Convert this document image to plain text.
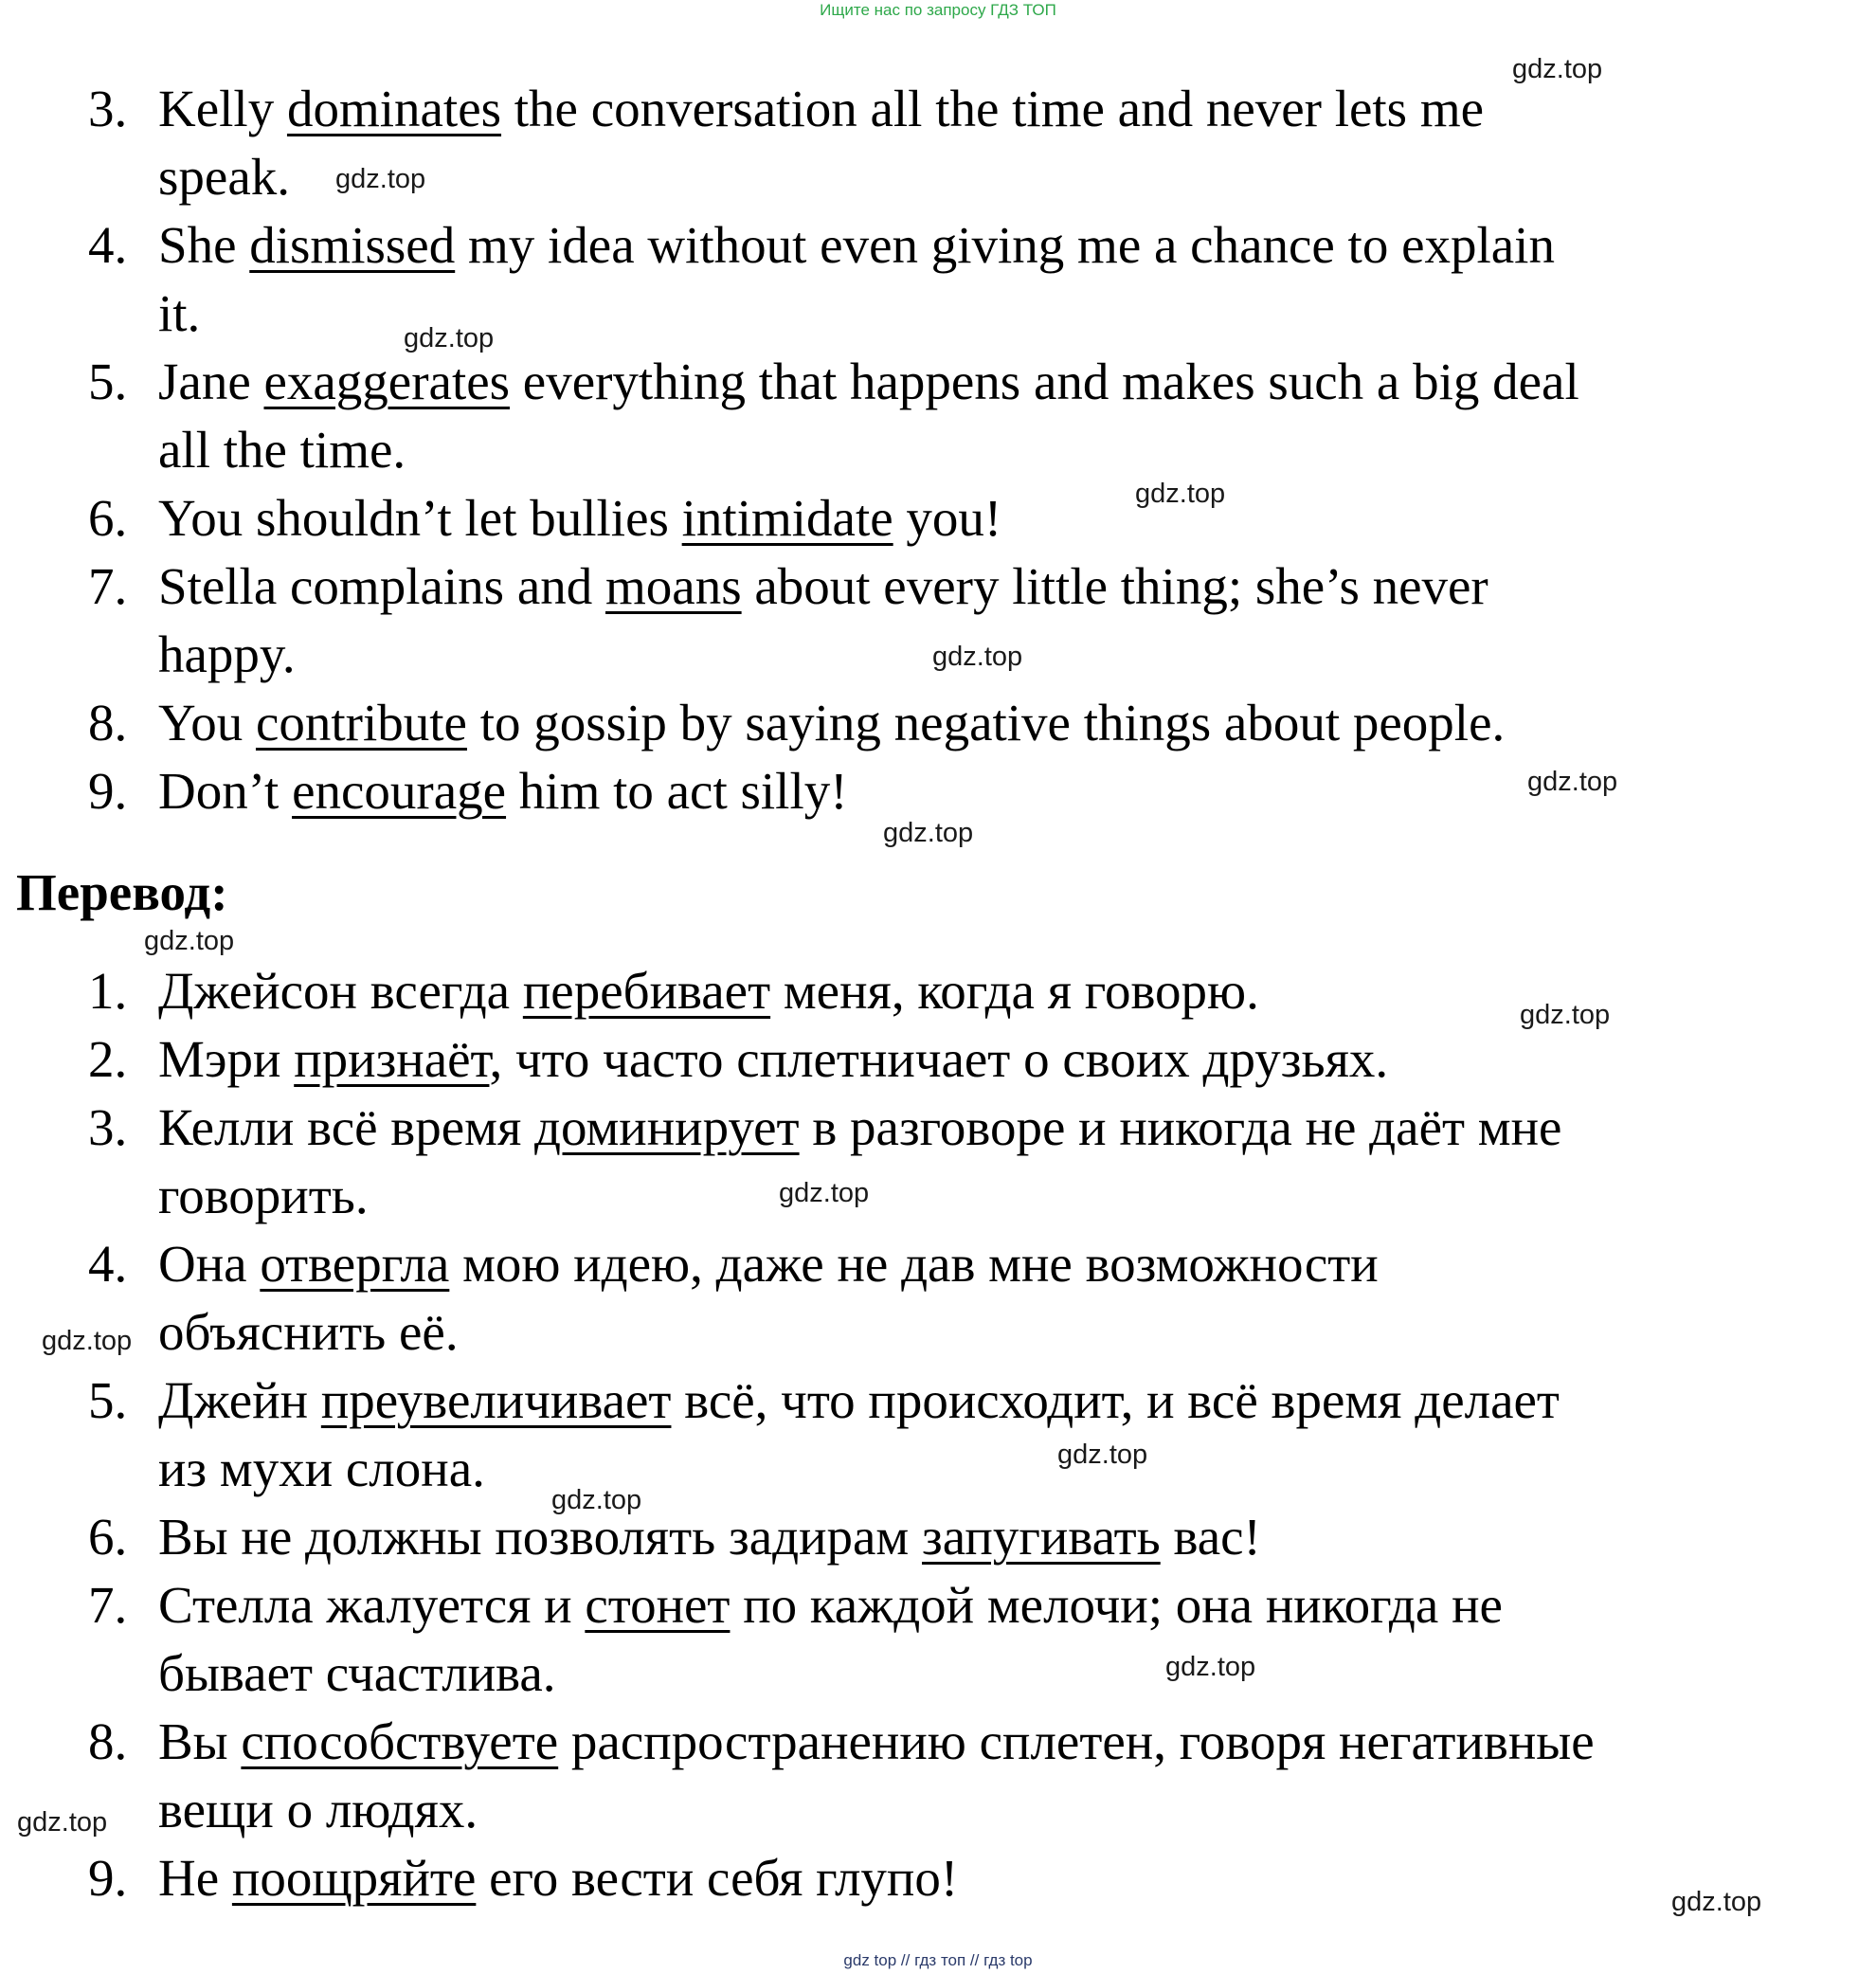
Ищите нас по запросу ГДЗ ТОП
3. Kelly dominates the conversation all the time and never lets me
speak.
4. She dismissed my idea without even giving me a chance to explain
it.
5. Jane exaggerates everything that happens and makes such a big deal
all the time.
6. You shouldn’t let bullies intimidate you!
7. Stella complains and moans about every little thing; she’s never
happy.
8. You contribute to gossip by saying negative things about people.
9. Don’t encourage him to act silly!
Перевод:
1. Джейсон всегда перебивает меня, когда я говорю.
2. Мэри признаёт, что часто сплетничает о своих друзьях.
3. Келли всё время доминирует в разговоре и никогда не даёт мне
говорить.
4. Она отвергла мою идею, даже не дав мне возможности
объяснить её.
5. Джейн преувеличивает всё, что происходит, и всё время делает
из мухи слона.
6. Вы не должны позволять задирам запугивать вас!
7. Стелла жалуется и стонет по каждой мелочи; она никогда не
бывает счастлива.
8. Вы способствуете распространению сплетен, говоря негативные
вещи о людях.
9. Не поощряйте его вести себя глупо!
gdz.top
gdz.top
gdz.top
gdz.top
gdz.top
gdz.top
gdz.top
gdz.top
gdz.top
gdz.top
gdz.top
gdz.top
gdz.top
gdz.top
gdz.top
gdz.top
gdz top // гдз топ // гдз top
